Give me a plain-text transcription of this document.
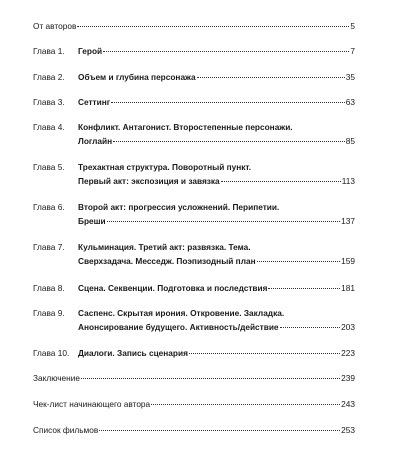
От авторов	5
Глава 1.	Герой	7
Глава 2.	Объем и глубина персонажа	35
Глава 3.	Сеттинг	63
Глава 4.	Конфликт. Антагонист. Второстепенные персонажи.
Логлайн	85
Глава 5.	Трехактная структура. Поворотный пункт.
Первый акт: экспозиция и завязка	113
Глава 6.	Второй акт: прогрессия усложнений. Перипетии.
Бреши	137
Глава 7.	Кульминация. Третий акт: развязка. Тема.
Сверхзадача. Месседж. Поэпизодный план	159
Глава 8.	Сцена. Секвенции. Подготовка и последствия	181
Глава 9.	Саспенс. Скрытая ирония. Откровение. Закладка.
Анонсирование будущего. Активность/действие	203
Глава 10.	Диалоги. Запись сценария	223
Заключение	239
Чек-лист начинающего автора	243
Список фильмов	253
